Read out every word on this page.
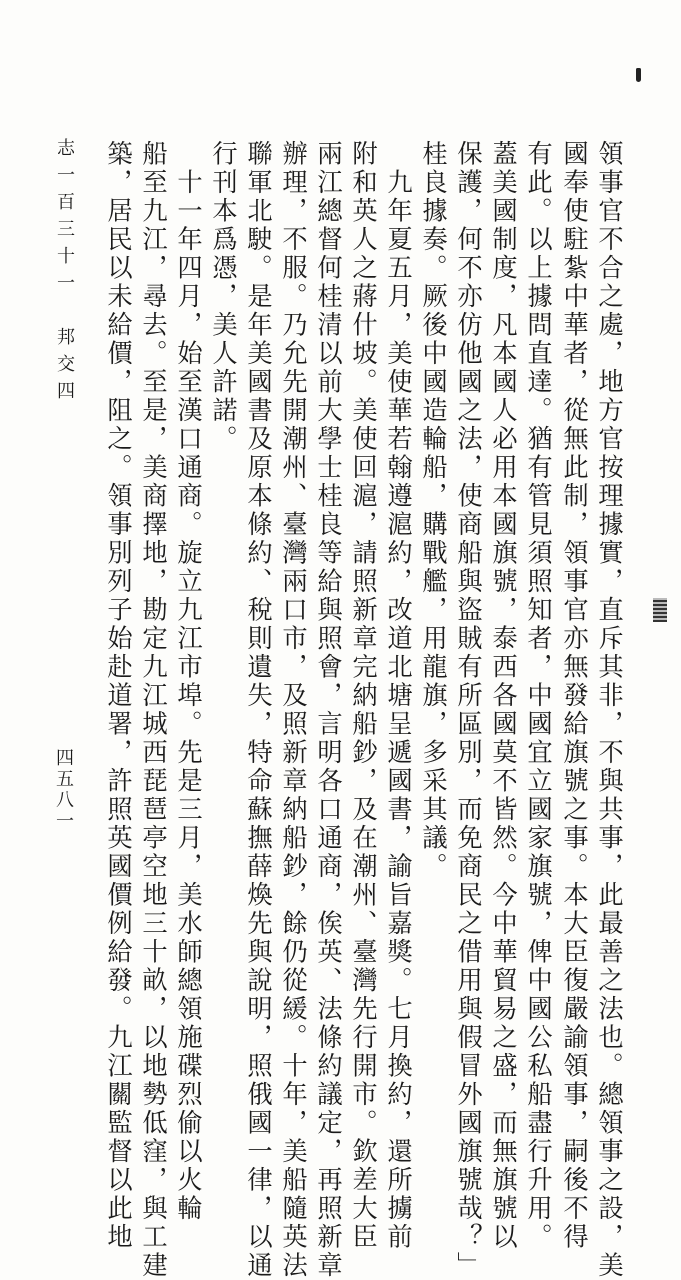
領事官不合之處，地方官按理據實，直斥其非，不與共事，此最善之法也。總領事之設，美
國奉使駐紮中華者，從無此制，領事官亦無發給旗號之事。本大臣復嚴諭領事，嗣後不得
有此。以上據問直達。猶有管見須照知者，中國宜立國家旗號，俾中國公私船盡行升用。
蓋美國制度，凡本國人必用本國旗號，泰西各國莫不皆然。今中華貿易之盛，而無旗號以
保護，何不亦仿他國之法，使商船與盜賊有所區別，而免商民之借用與假冒外國旗號哉？」
桂良據奏。厥後中國造輪船，購戰艦，用龍旗，多采其議。
　九年夏五月，美使華若翰遵滬約，改道北塘呈遞國書，諭旨嘉獎。七月換約，還所擄前
附和英人之蔣什坡。美使回滬，請照新章完納船鈔，及在潮州、臺灣先行開市。欽差大臣
兩江總督何桂清以前大學士桂良等給與照會，言明各口通商，俟英、法條約議定，再照新章
辦理，不服。乃允先開潮州、臺灣兩口市，及照新章納船鈔，餘仍從緩。十年，美船隨英法
聯軍北駛。是年美國書及原本條約、稅則遺失，特命蘇撫薛煥先與說明，照俄國一律，以通
行刊本爲憑，美人許諾。
　十一年四月，始至漢口通商。旋立九江市埠。先是三月，美水師總領施碟烈偷以火輪
船至九江，尋去。至是，美商擇地，勘定九江城西琵琶亭空地三十畝，以地勢低窪，與工建
築，居民以未給價，阻之。領事別列子始赴道署，許照英國價例給發。九江關監督以此地
志一百三十一　邦交四
四五八一
